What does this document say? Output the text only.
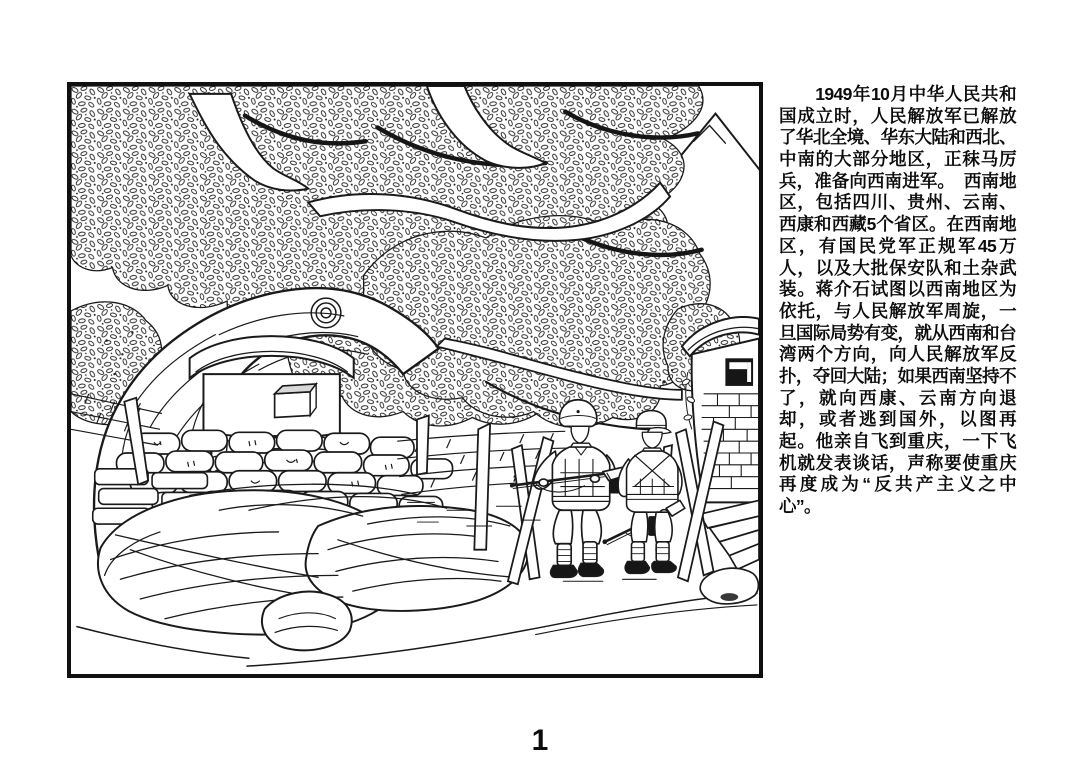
　　1949年10月中华人民共和
国成立时，人民解放军已解放
了华北全境、华东大陆和西北、
中南的大部分地区，正秣马厉
兵，准备向西南进军。　西南地
区，包括四川、贵州、云南、
西康和西藏5个省区。在西南地
区，有国民党军正规军45万
人，以及大批保安队和土杂武
装。蒋介石试图以西南地区为
依托，与人民解放军周旋，一
旦国际局势有变，就从西南和台
湾两个方向，向人民解放军反
扑，夺回大陆；如果西南坚持不
了，就向西康、云南方向退
却，或者逃到国外，以图再
起。他亲自飞到重庆，一下飞
机就发表谈话，声称要使重庆
再度成为“反共产主义之中
心”。
1
